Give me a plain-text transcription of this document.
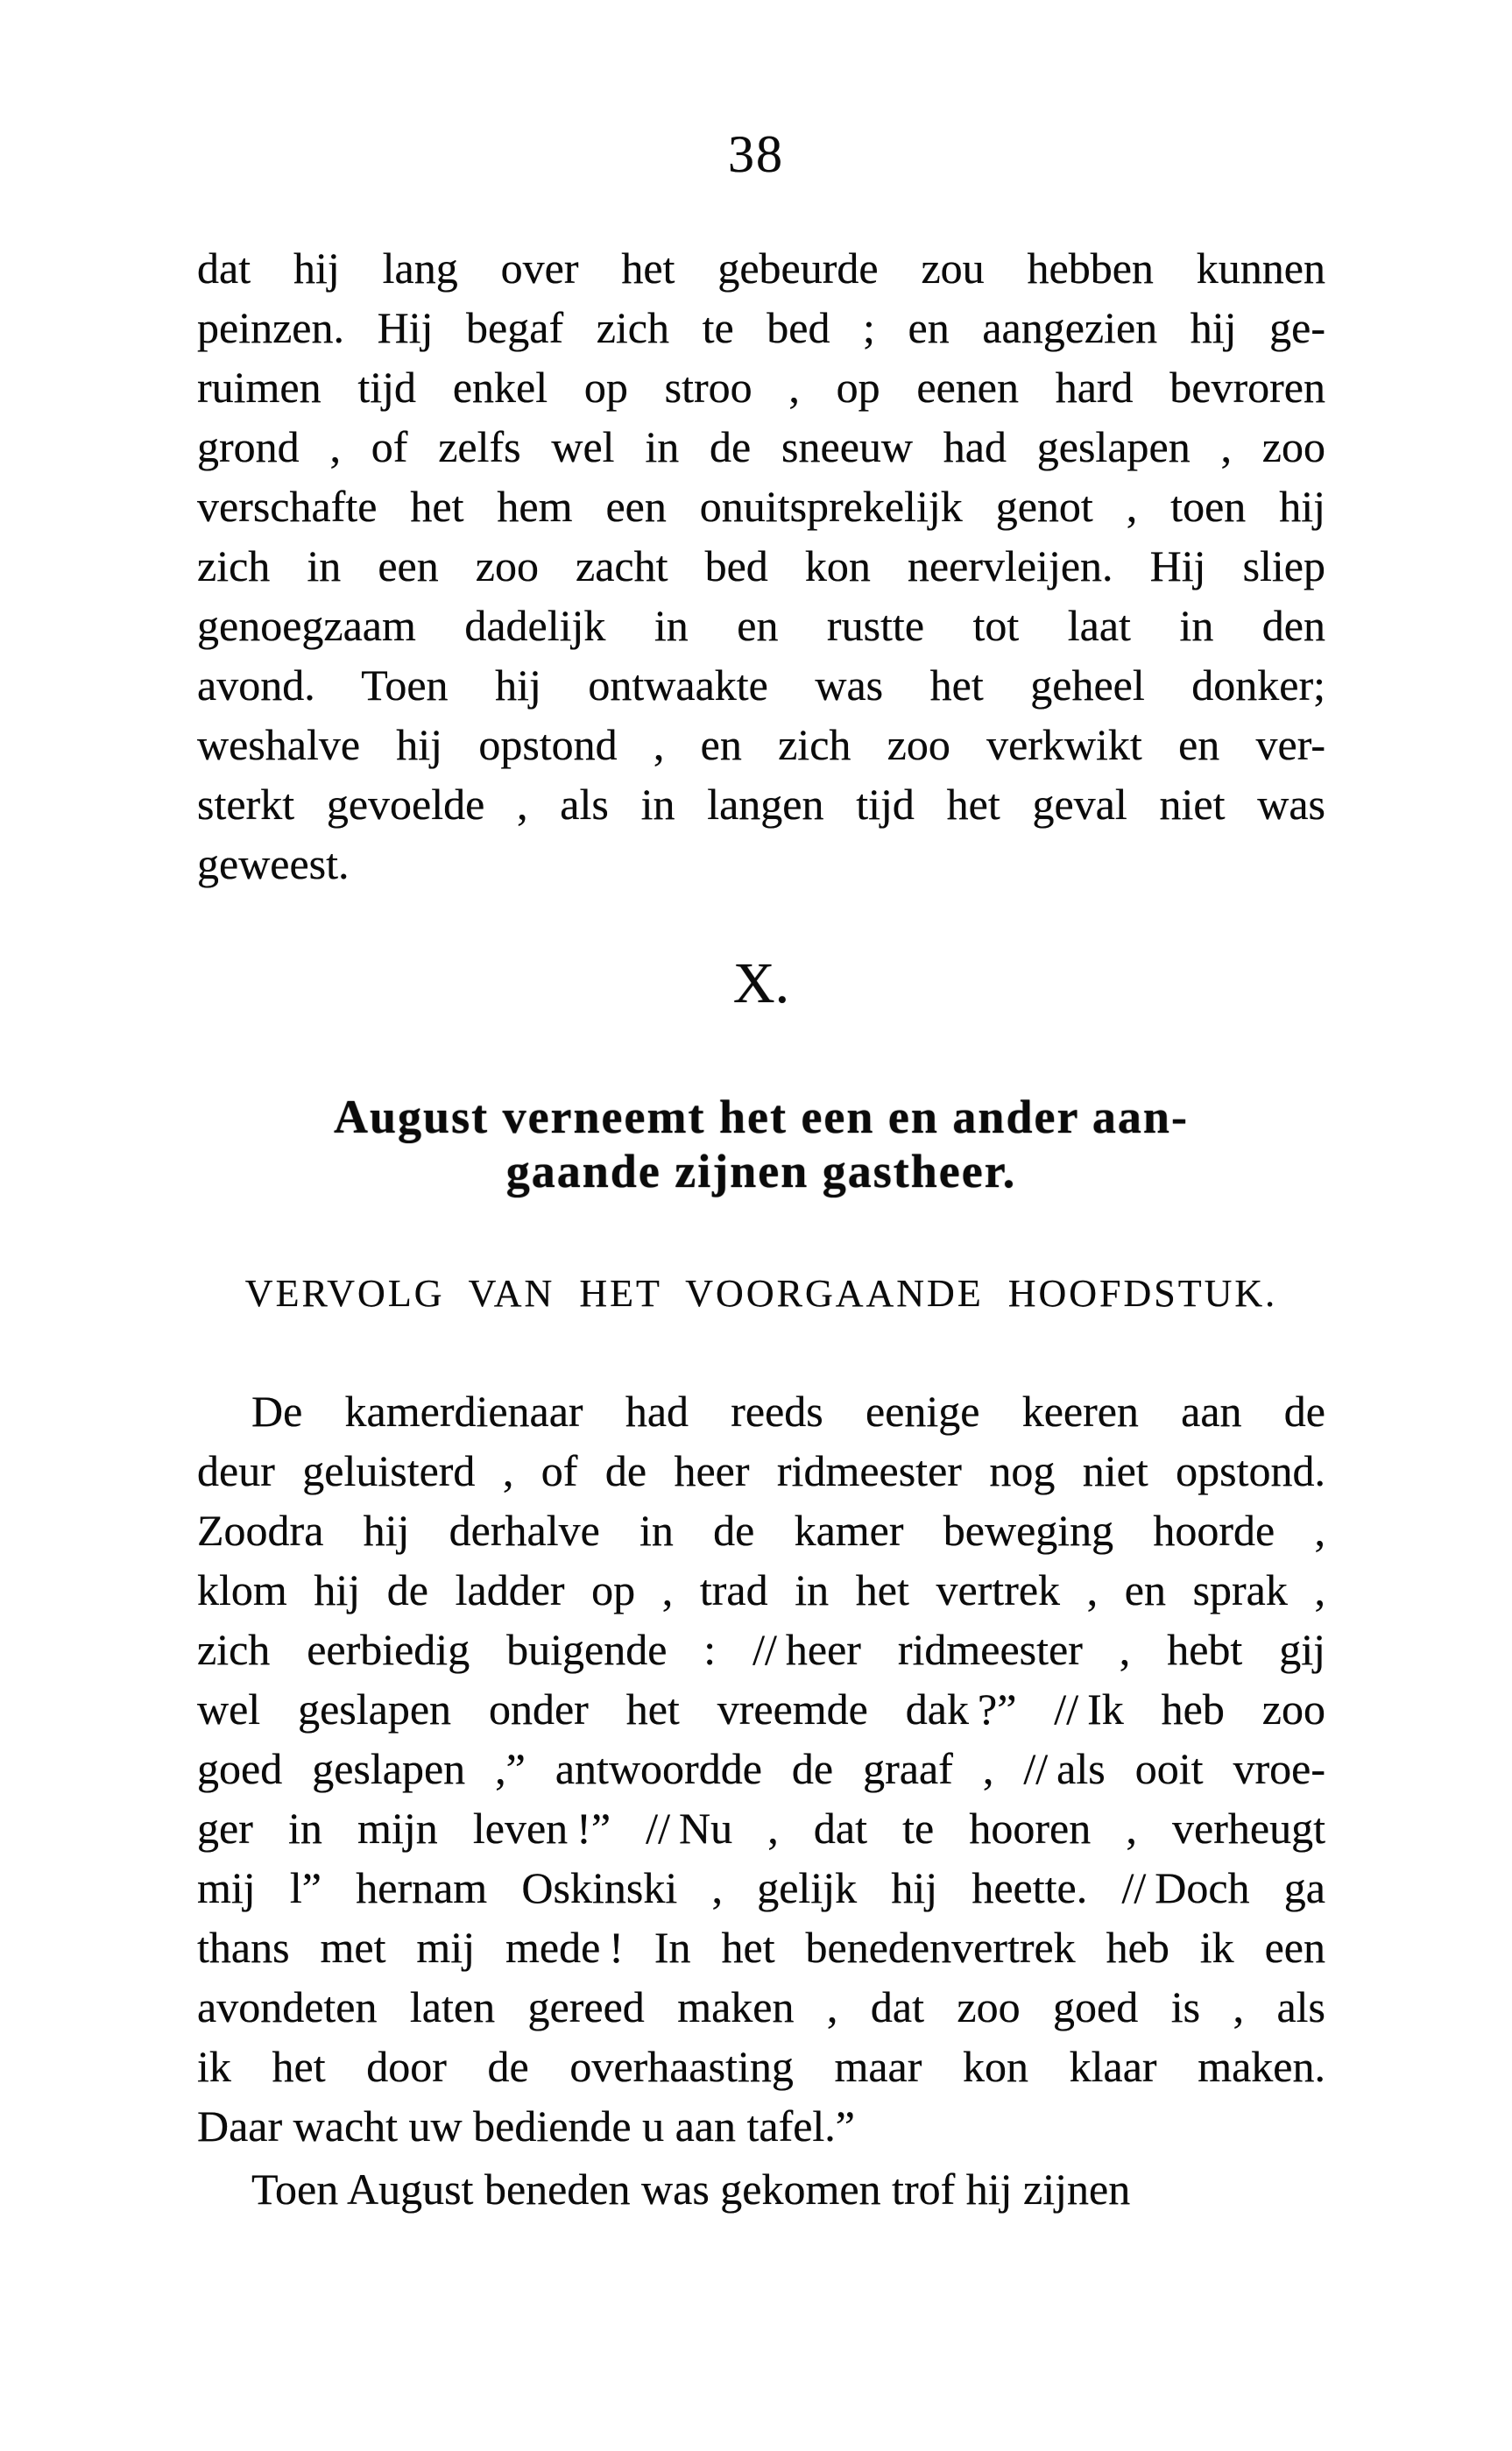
38
dat hij lang over het gebeurde zou hebben kunnen
peinzen. Hij begaf zich te bed ; en aangezien hij ge-
ruimen tijd enkel op stroo , op eenen hard bevroren
grond , of zelfs wel in de sneeuw had geslapen , zoo
verschafte het hem een onuitsprekelijk genot , toen hij
zich in een zoo zacht bed kon neervleijen. Hij sliep
genoegzaam dadelijk in en rustte tot laat in den
avond. Toen hij ontwaakte was het geheel donker;
weshalve hij opstond , en zich zoo verkwikt en ver-
sterkt gevoelde , als in langen tijd het geval niet was
geweest.
X.
August verneemt het een en ander aan-
gaande zijnen gastheer.
VERVOLG VAN HET VOORGAANDE HOOFDSTUK.
De kamerdienaar had reeds eenige keeren aan de
deur geluisterd , of de heer ridmeester nog niet opstond.
Zoodra hij derhalve in de kamer beweging hoorde ,
klom hij de ladder op , trad in het vertrek , en sprak ,
zich eerbiedig buigende : // heer ridmeester , hebt gij
wel geslapen onder het vreemde dak ?” // Ik heb zoo
goed geslapen ,” antwoordde de graaf , // als ooit vroe-
ger in mijn leven !” // Nu , dat te hooren , verheugt
mij l” hernam Oskinski , gelijk hij heette. // Doch ga
thans met mij mede ! In het benedenvertrek heb ik een
avondeten laten gereed maken , dat zoo goed is , als
ik het door de overhaasting maar kon klaar maken.
Daar wacht uw bediende u aan tafel.”
Toen August beneden was gekomen trof hij zijnen
